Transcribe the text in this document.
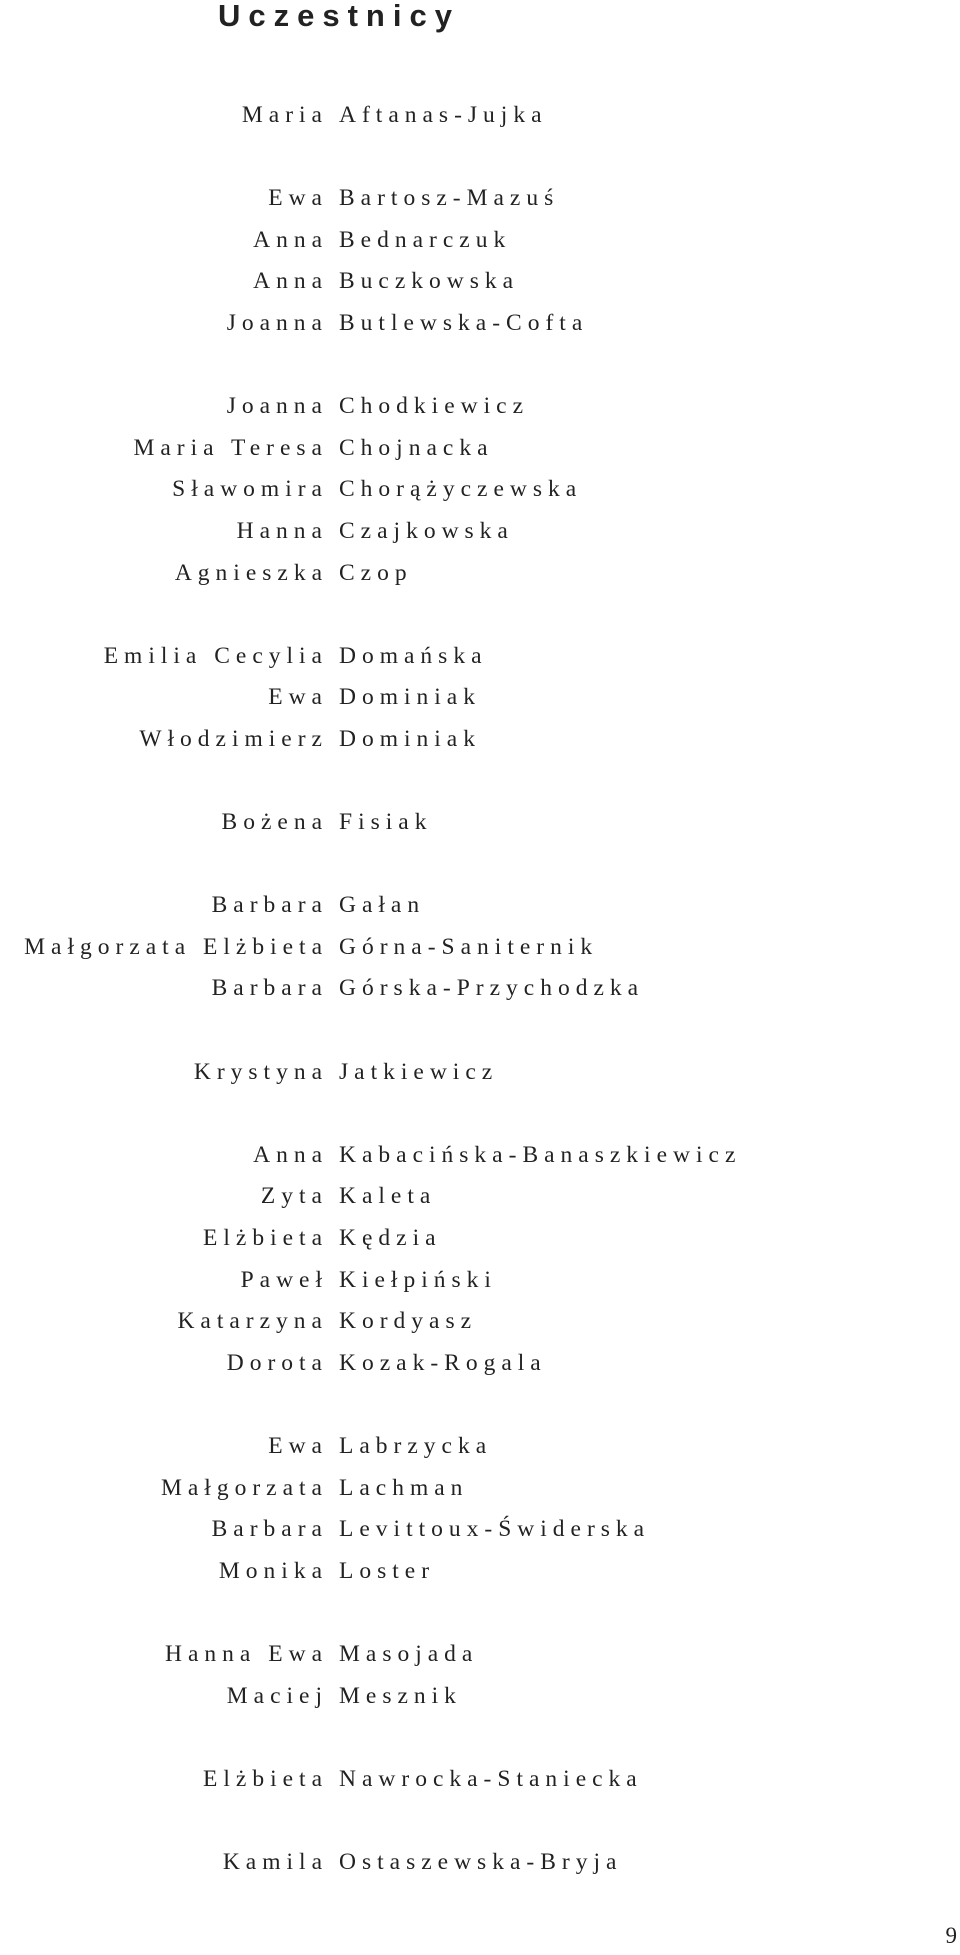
Uczestnicy
Maria Aftanas-Jujka
Ewa Bartosz-Mazuś
Anna Bednarczuk
Anna Buczkowska
Joanna Butlewska-Cofta
Joanna Chodkiewicz
Maria Teresa Chojnacka
Sławomira Chorążyczewska
Hanna Czajkowska
Agnieszka Czop
Emilia Cecylia Domańska
Ewa Dominiak
Włodzimierz Dominiak
Bożena Fisiak
Barbara Gałan
Małgorzata Elżbieta Górna-Saniternik
Barbara Górska-Przychodzka
Krystyna Jatkiewicz
Anna Kabacińska-Banaszkiewicz
Zyta Kaleta
Elżbieta Kędzia
Paweł Kiełpiński
Katarzyna Kordyasz
Dorota Kozak-Rogala
Ewa Labrzycka
Małgorzata Lachman
Barbara Levittoux-Świderska
Monika Loster
Hanna Ewa Masojada
Maciej Mesznik
Elżbieta Nawrocka-Staniecka
Kamila Ostaszewska-Bryja
9
